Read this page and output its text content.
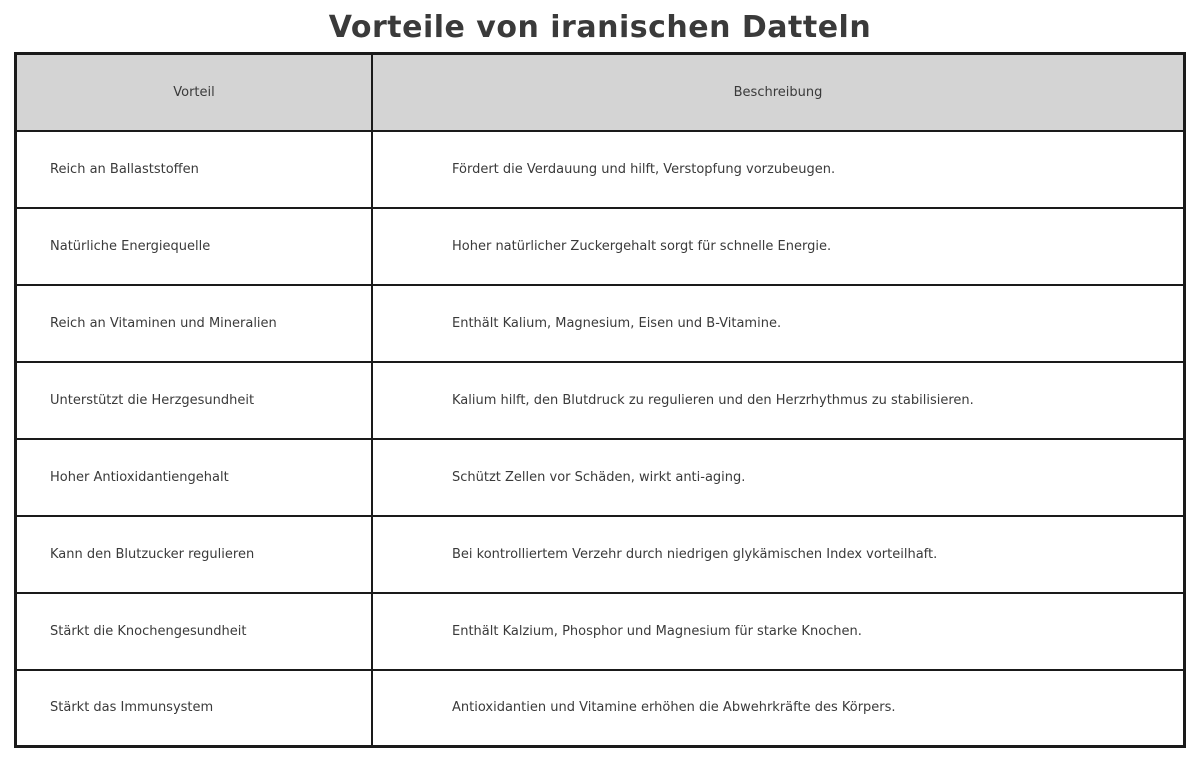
Vorteile von iranischen Datteln
Vorteil	Beschreibung
Reich an Ballaststoffen	Fördert die Verdauung und hilft, Verstopfung vorzubeugen.
Natürliche Energiequelle	Hoher natürlicher Zuckergehalt sorgt für schnelle Energie.
Reich an Vitaminen und Mineralien	Enthält Kalium, Magnesium, Eisen und B-Vitamine.
Unterstützt die Herzgesundheit	Kalium hilft, den Blutdruck zu regulieren und den Herzrhythmus zu stabilisieren.
Hoher Antioxidantiengehalt	Schützt Zellen vor Schäden, wirkt anti-aging.
Kann den Blutzucker regulieren	Bei kontrolliertem Verzehr durch niedrigen glykämischen Index vorteilhaft.
Stärkt die Knochengesundheit	Enthält Kalzium, Phosphor und Magnesium für starke Knochen.
Stärkt das Immunsystem	Antioxidantien und Vitamine erhöhen die Abwehrkräfte des Körpers.
